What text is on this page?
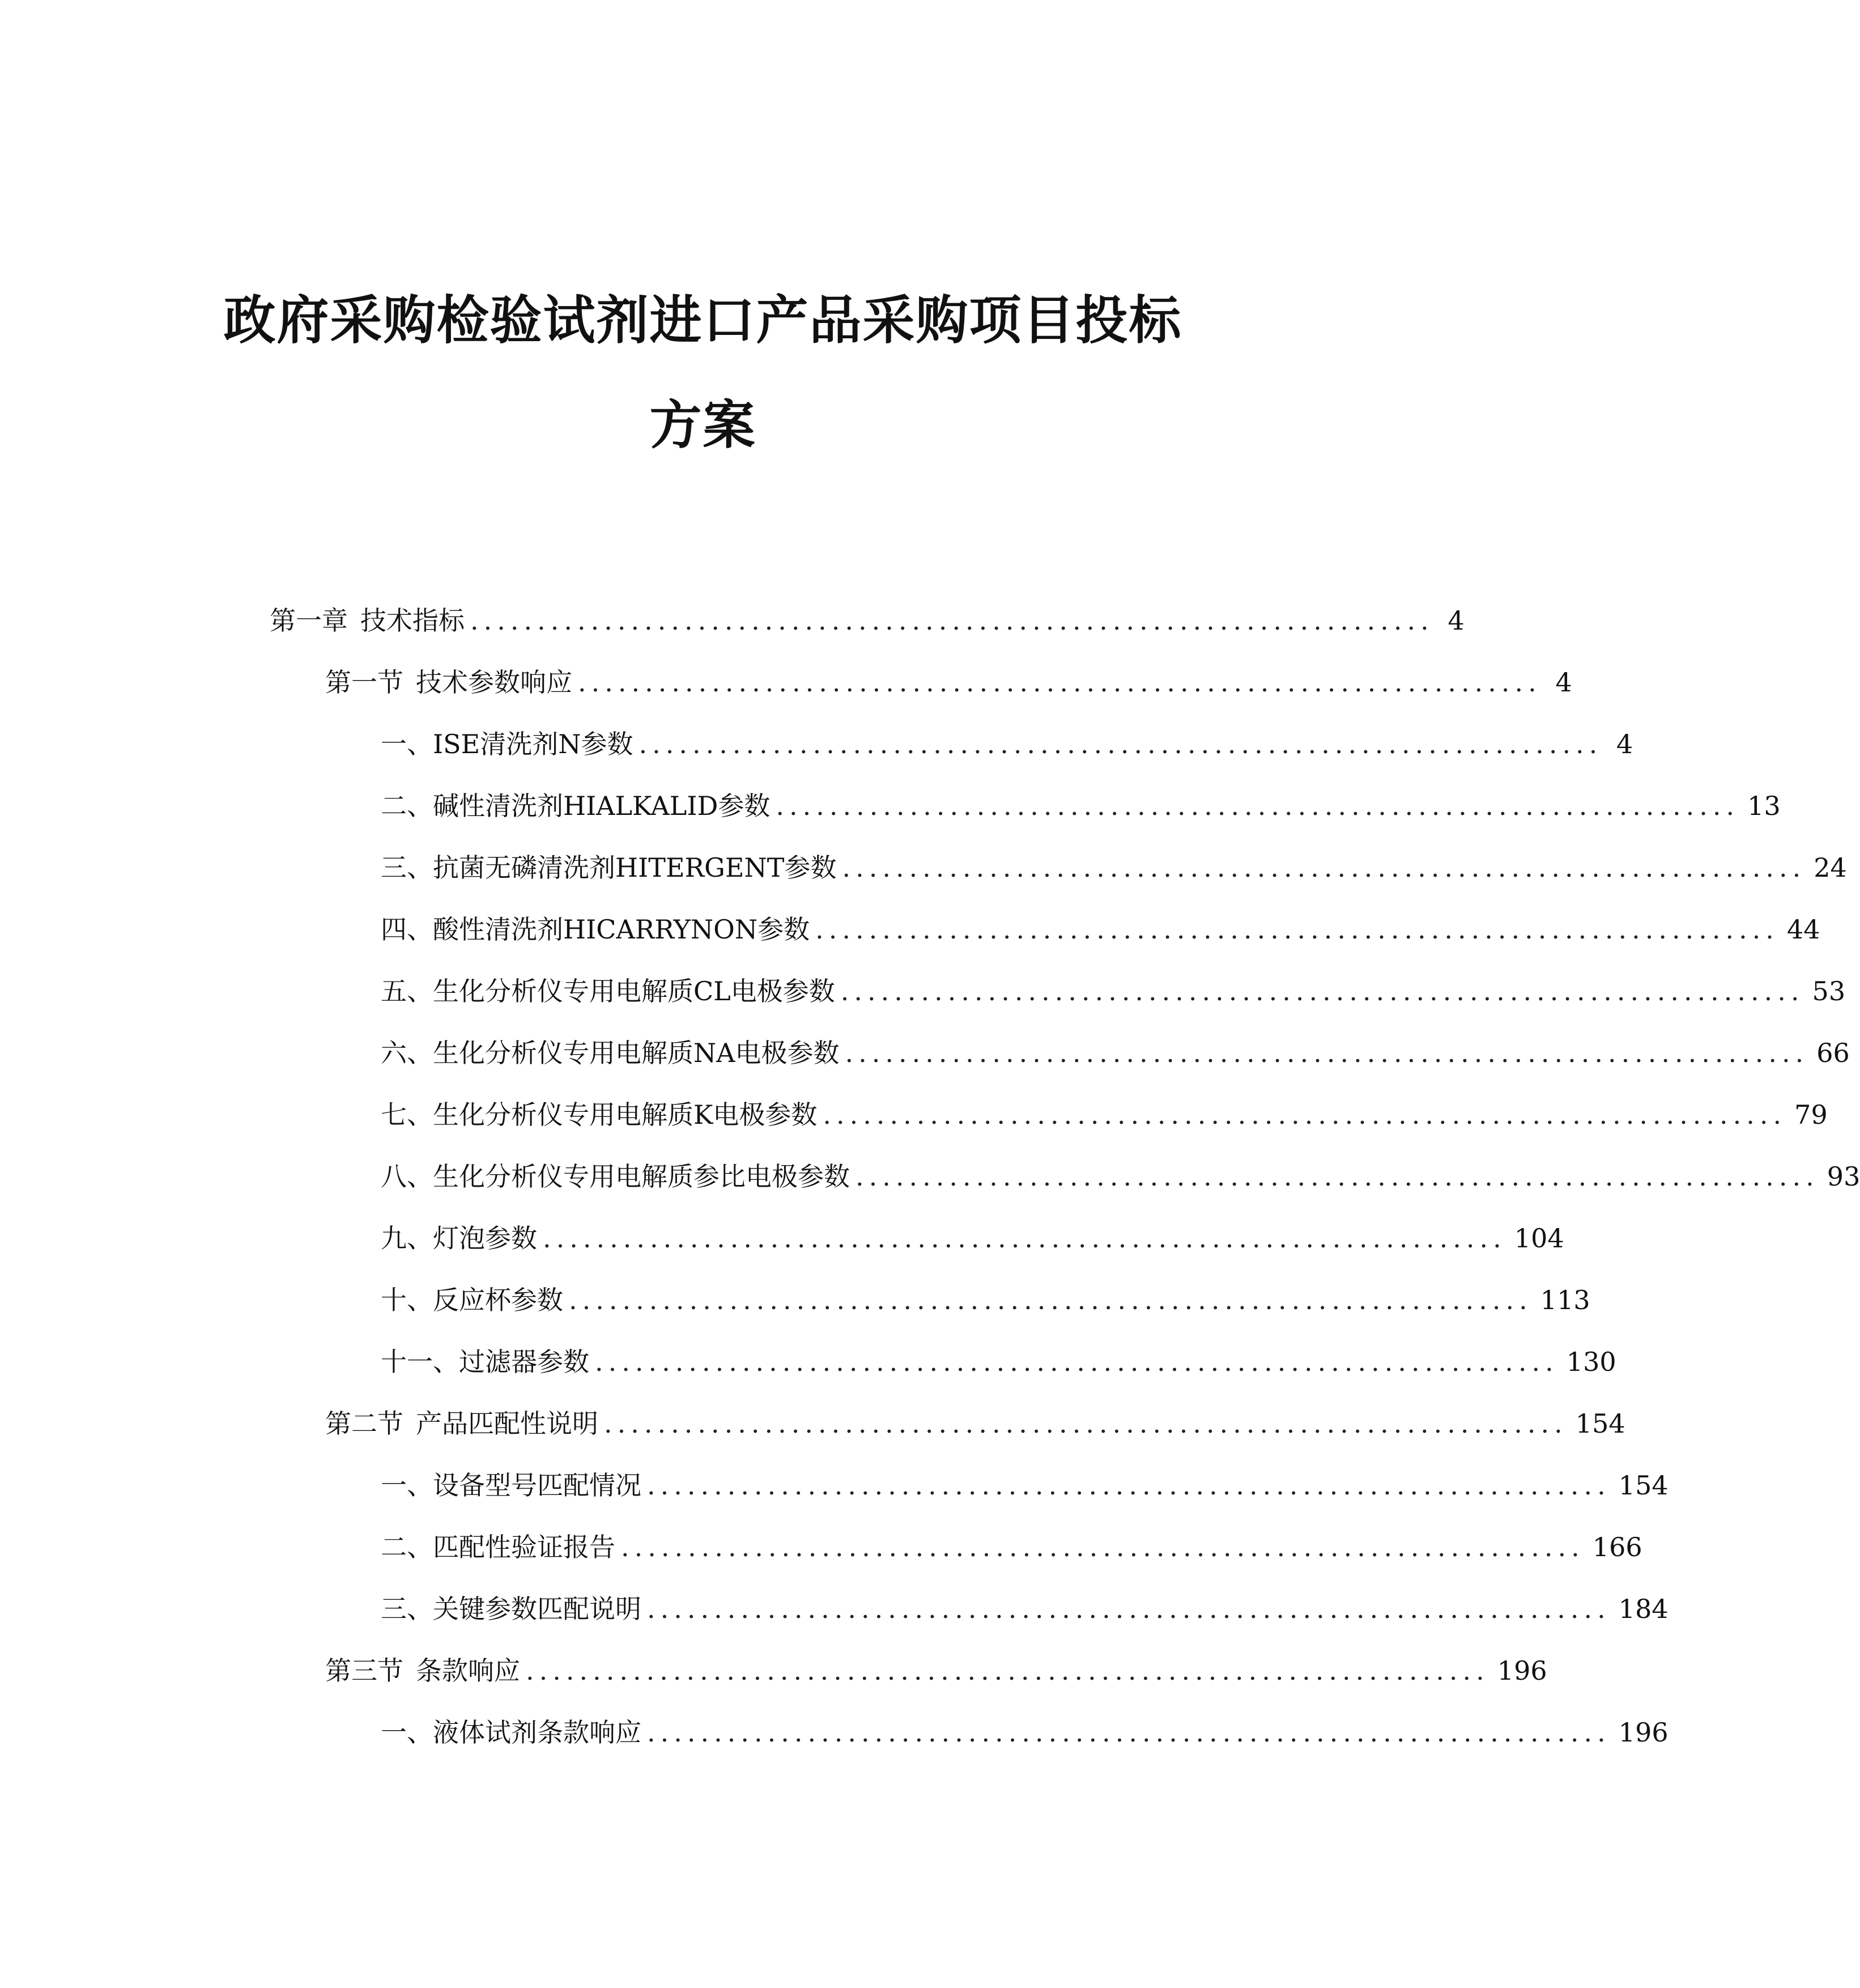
政府采购检验试剂进口产品采购项目投标
方案
第一章 技术指标 ........................................................................ 4
第一节 技术参数响应 ........................................................................ 4
一、 ISE清洗剂N参数 ........................................................................ 4
二、 碱性清洗剂HIALKALID参数 ........................................................................ 13
三、 抗菌无磷清洗剂HITERGENT参数 ........................................................................ 24
四、 酸性清洗剂HICARRYNON参数 ........................................................................ 44
五、 生化分析仪专用电解质CL电极参数 ........................................................................ 53
六、 生化分析仪专用电解质NA电极参数 ........................................................................ 66
七、 生化分析仪专用电解质K电极参数 ........................................................................ 79
八、 生化分析仪专用电解质参比电极参数 ........................................................................ 93
九、 灯泡参数 ........................................................................ 104
十、 反应杯参数 ........................................................................ 113
十一、 过滤器参数 ........................................................................ 130
第二节 产品匹配性说明 ........................................................................ 154
一、 设备型号匹配情况 ........................................................................ 154
二、 匹配性验证报告 ........................................................................ 166
三、 关键参数匹配说明 ........................................................................ 184
第三节 条款响应 ........................................................................ 196
一、 液体试剂条款响应 ........................................................................ 196
